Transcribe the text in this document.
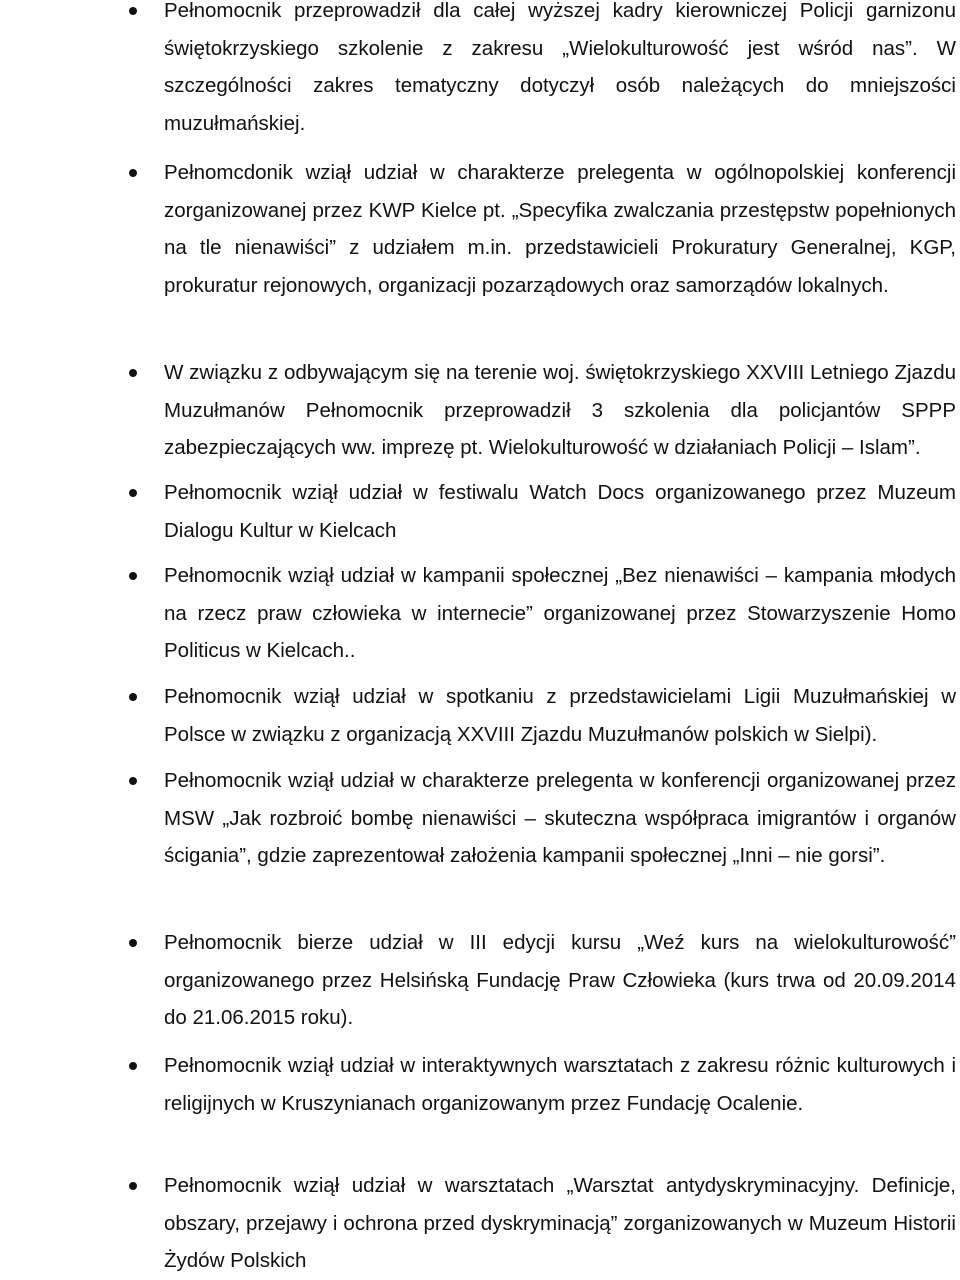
Pełnomocnik przeprowadził dla całej wyższej kadry kierowniczej Policji garnizonu świętokrzyskiego szkolenie z zakresu „Wielokulturowość jest wśród nas”. W szczególności zakres tematyczny dotyczył osób należących do mniejszości muzułmańskiej.
Pełnomcdonik wziął udział w charakterze prelegenta w ogólnopolskiej konferencji zorganizowanej przez KWP Kielce pt. „Specyfika zwalczania przestępstw popełnionych na tle nienawiści” z udziałem m.in. przedstawicieli Prokuratury Generalnej, KGP, prokuratur rejonowych, organizacji pozarządowych oraz samorządów lokalnych.
W związku z odbywającym się na terenie woj. świętokrzyskiego XXVIII Letniego Zjazdu Muzułmanów Pełnomocnik przeprowadził 3 szkolenia dla policjantów SPPP zabezpieczających ww. imprezę pt. Wielokulturowość w działaniach Policji – Islam”.
Pełnomocnik wziął udział w festiwalu Watch Docs organizowanego przez Muzeum Dialogu Kultur w Kielcach
Pełnomocnik wziął udział w kampanii społecznej „Bez nienawiści – kampania młodych na rzecz praw człowieka w internecie” organizowanej przez Stowarzyszenie Homo Politicus w Kielcach..
Pełnomocnik wziął udział w spotkaniu z przedstawicielami Ligii Muzułmańskiej w Polsce w związku z organizacją XXVIII Zjazdu Muzułmanów polskich w Sielpi).
Pełnomocnik wziął udział w charakterze prelegenta w konferencji organizowanej przez MSW „Jak rozbroić bombę nienawiści – skuteczna współpraca imigrantów i organów ścigania”, gdzie zaprezentował założenia kampanii społecznej „Inni – nie gorsi”.
Pełnomocnik bierze udział w III edycji kursu „Weź kurs na wielokulturowość” organizowanego przez Helsińską Fundację Praw Człowieka (kurs trwa od 20.09.2014 do 21.06.2015 roku).
Pełnomocnik wziął udział w interaktywnych warsztatach z zakresu różnic kulturowych i religijnych w Kruszynianach organizowanym przez Fundację Ocalenie.
Pełnomocnik wziął udział w warsztatach „Warsztat antydyskryminacyjny. Definicje, obszary, przejawy i ochrona przed dyskryminacją” zorganizowanych w Muzeum Historii Żydów Polskich
